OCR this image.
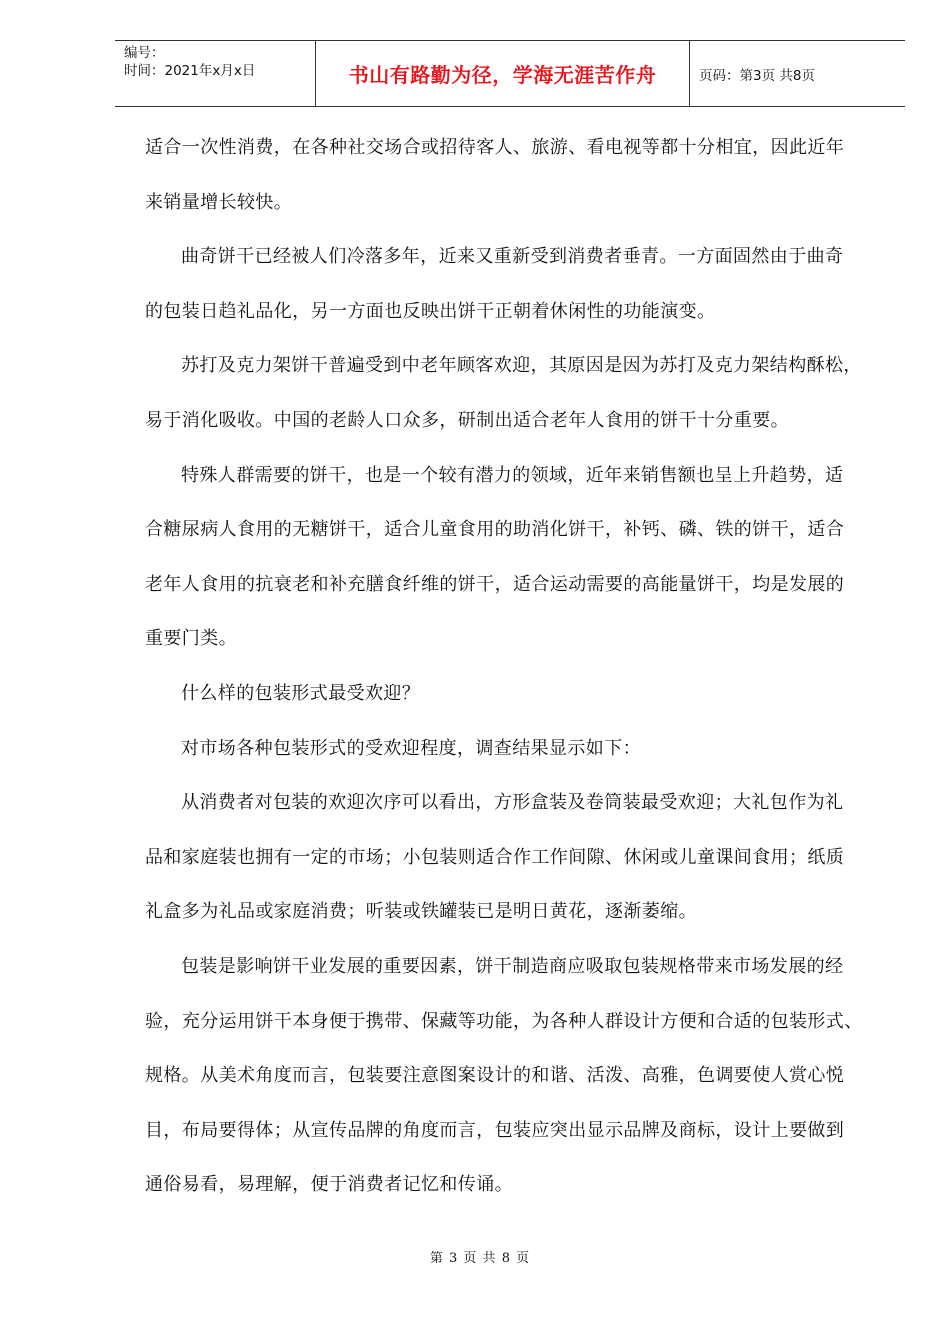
编号：
时间：2021年x月x日	书山有路勤为径，学海无涯苦作舟	页码：第3页 共8页
适合一次性消费，在各种社交场合或招待客人、旅游、看电视等都十分相宜，因此近年
来销量增长较快。
曲奇饼干已经被人们冷落多年，近来又重新受到消费者垂青。一方面固然由于曲奇
的包装日趋礼品化，另一方面也反映出饼干正朝着休闲性的功能演变。
苏打及克力架饼干普遍受到中老年顾客欢迎，其原因是因为苏打及克力架结构酥松，
易于消化吸收。中国的老龄人口众多，研制出适合老年人食用的饼干十分重要。
特殊人群需要的饼干，也是一个较有潜力的领域，近年来销售额也呈上升趋势，适
合糖尿病人食用的无糖饼干，适合儿童食用的助消化饼干，补钙、磷、铁的饼干，适合
老年人食用的抗衰老和补充膳食纤维的饼干，适合运动需要的高能量饼干，均是发展的
重要门类。
什么样的包装形式最受欢迎？
对市场各种包装形式的受欢迎程度，调查结果显示如下：
从消费者对包装的欢迎次序可以看出，方形盒装及卷筒装最受欢迎；大礼包作为礼
品和家庭装也拥有一定的市场；小包装则适合作工作间隙、休闲或儿童课间食用；纸质
礼盒多为礼品或家庭消费；听装或铁罐装已是明日黄花，逐渐萎缩。
包装是影响饼干业发展的重要因素，饼干制造商应吸取包装规格带来市场发展的经
验，充分运用饼干本身便于携带、保藏等功能，为各种人群设计方便和合适的包装形式、
规格。从美术角度而言，包装要注意图案设计的和谐、活泼、高雅，色调要使人赏心悦
目，布局要得体；从宣传品牌的角度而言，包装应突出显示品牌及商标，设计上要做到
通俗易看，易理解，便于消费者记忆和传诵。
第 3 页 共 8 页
